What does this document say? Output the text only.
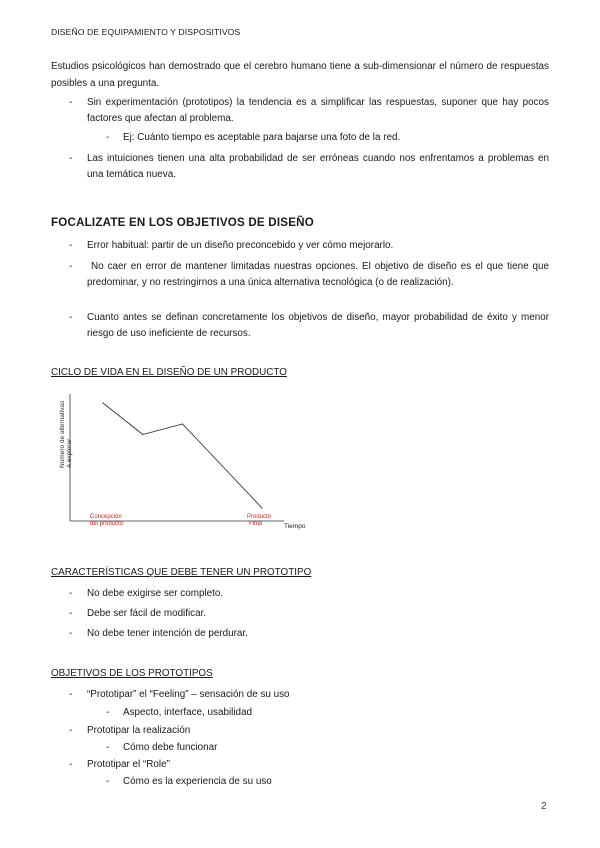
DISEÑO DE EQUIPAMIENTO Y DISPOSITIVOS
Estudios psicológicos han demostrado que el cerebro humano tiene a sub-dimensionar el número de respuestas posibles a una pregunta.
- Sin experimentación (prototipos) la tendencia es a simplificar las respuestas, suponer que hay pocos factores que afectan al problema.
- Ej: Cuánto tiempo es aceptable para bajarse una foto de la red.
- Las intuiciones tienen una alta probabilidad de ser erróneas cuando nos enfrentamos a problemas en una temática nueva.
FOCALIZATE EN LOS OBJETIVOS DE DISEÑO
- Error habitual: partir de un diseño preconcebido y ver cómo mejorarlo.
- No caer en error de mantener limitadas nuestras opciones. El objetivo de diseño es el que tiene que predominar, y no restringirnos a una única alternativa tecnológica (o de realización).
- Cuanto antes se definan concretamente los objetivos de diseño, mayor probabilidad de éxito y menor riesgo de uso ineficiente de recursos.
CICLO DE VIDA EN EL DISEÑO DE UN PRODUCTO
Número de alternativas A explorar
Tiempo
Concepción
del producto
Producto
Final
CARACTERÍSTICAS QUE DEBE TENER UN PROTOTIPO
- No debe exigirse ser completo.
- Debe ser fácil de modificar.
- No debe tener intención de perdurar.
OBJETIVOS DE LOS PROTOTIPOS
- “Prototipar” el “Feeling” – sensación de su uso
- Aspecto, interface, usabilidad
- Prototipar la realización
- Cómo debe funcionar
- Prototipar el “Role”
- Cómo es la experiencia de su uso
2
